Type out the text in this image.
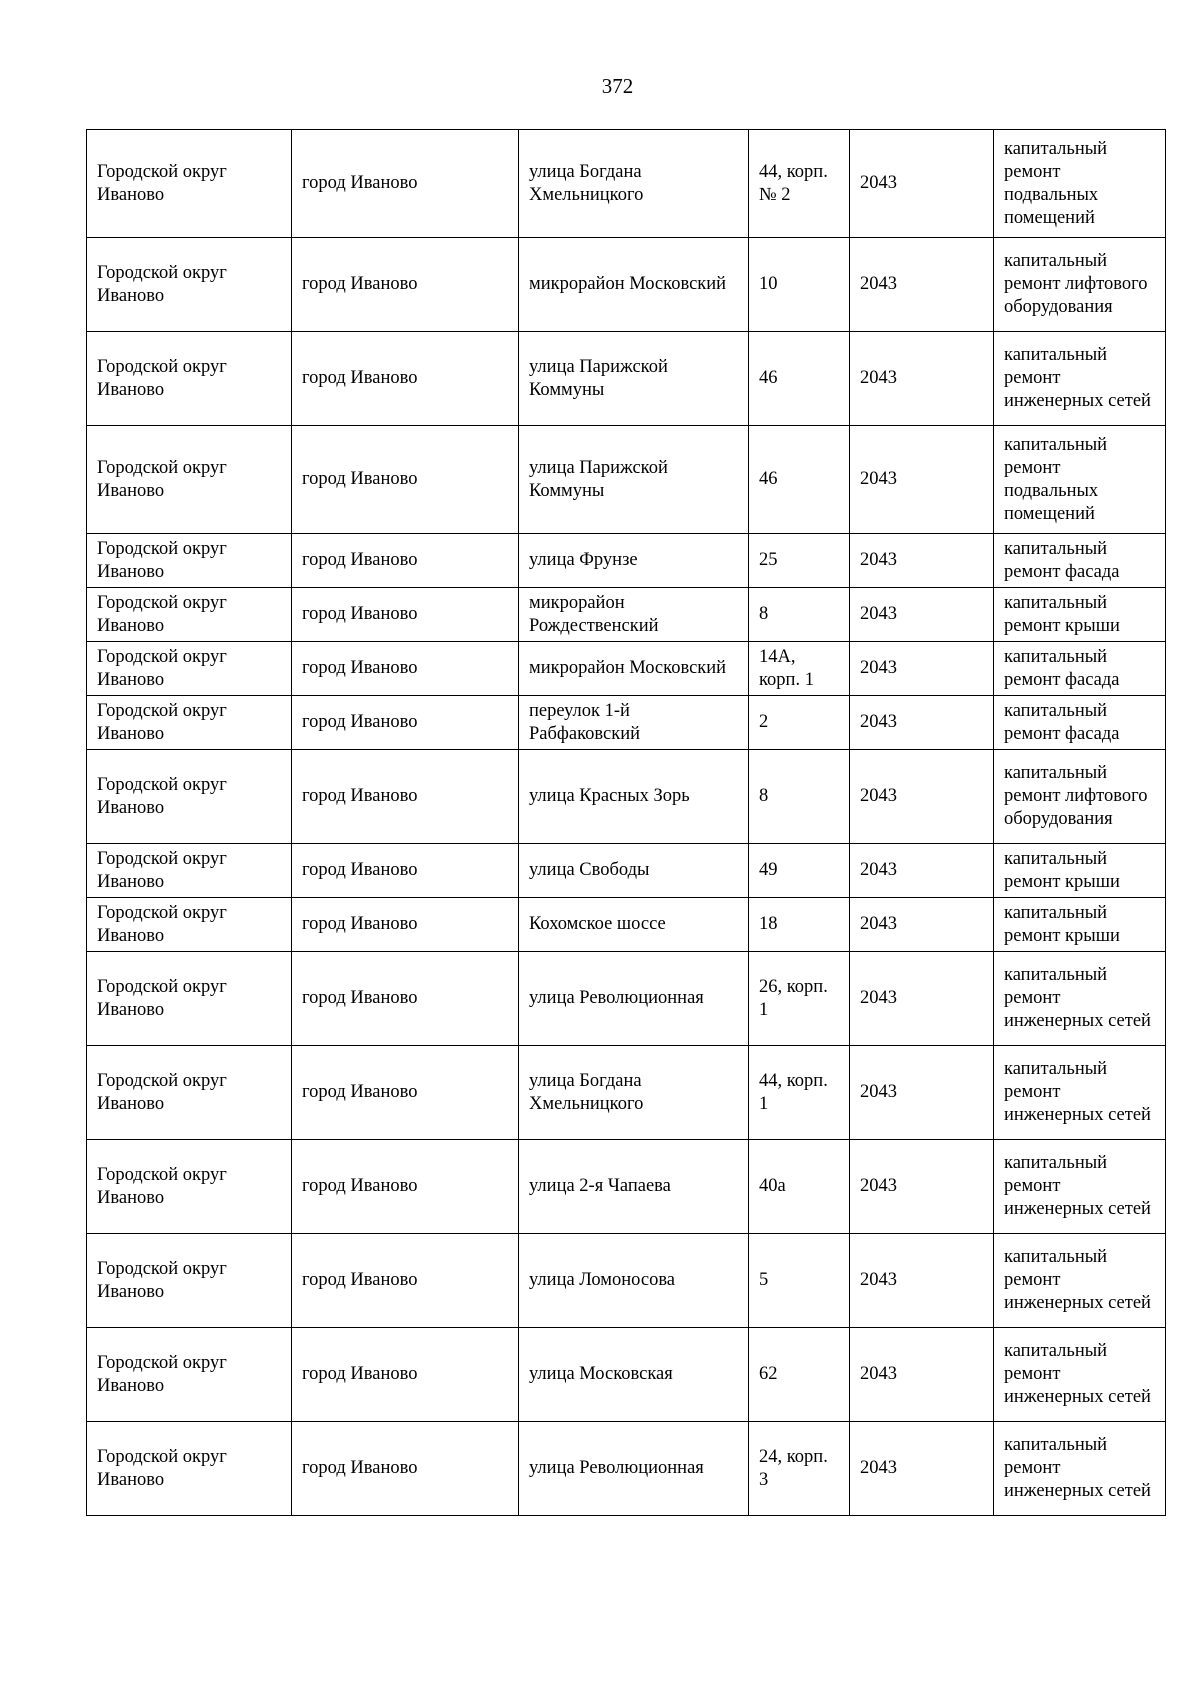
372
Городской округ Иваново	город Иваново	улица Богдана Хмельницкого	44, корп. № 2	2043	капитальный ремонт подвальных помещений

Городской округ Иваново	город Иваново	микрорайон Московский	10	2043	капитальный ремонт лифтового оборудования

Городской округ Иваново	город Иваново	улица Парижской Коммуны	46	2043	капитальный ремонт инженерных сетей

Городской округ Иваново	город Иваново	улица Парижской Коммуны	46	2043	капитальный ремонт подвальных помещений

Городской округ Иваново	город Иваново	улица Фрунзе	25	2043	капитальный ремонт фасада

Городской округ Иваново	город Иваново	микрорайон Рождественский	8	2043	капитальный ремонт крыши

Городской округ Иваново	город Иваново	микрорайон Московский	14А, корп. 1	2043	капитальный ремонт фасада

Городской округ Иваново	город Иваново	переулок 1-й Рабфаковский	2	2043	капитальный ремонт фасада

Городской округ Иваново	город Иваново	улица Красных Зорь	8	2043	капитальный ремонт лифтового оборудования

Городской округ Иваново	город Иваново	улица Свободы	49	2043	капитальный ремонт крыши

Городской округ Иваново	город Иваново	Кохомское шоссе	18	2043	капитальный ремонт крыши

Городской округ Иваново	город Иваново	улица Революционная	26, корп. 1	2043	капитальный ремонт инженерных сетей

Городской округ Иваново	город Иваново	улица Богдана Хмельницкого	44, корп. 1	2043	капитальный ремонт инженерных сетей

Городской округ Иваново	город Иваново	улица 2-я Чапаева	40а	2043	капитальный ремонт инженерных сетей

Городской округ Иваново	город Иваново	улица Ломоносова	5	2043	капитальный ремонт инженерных сетей

Городской округ Иваново	город Иваново	улица Московская	62	2043	капитальный ремонт инженерных сетей

Городской округ Иваново	город Иваново	улица Революционная	24, корп. 3	2043	капитальный ремонт инженерных сетей
